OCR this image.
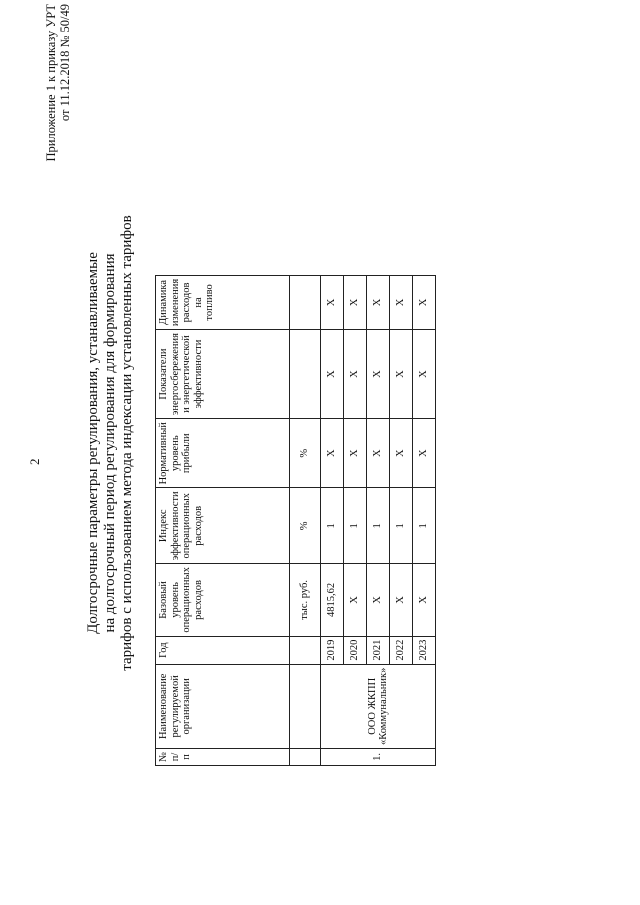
2
Приложение 1 к приказу УРТ от 11.12.2018 № 50/49
Долгосрочные параметры регулирования, устанавливаемые на долгосрочный период регулирования для формирования тарифов с использованием метода индексации установленных тарифов
№ п/п	Наименование регулируемой организации	Год	Базовый уровень операционных расходов	Индекс эффективности операционных расходов	Нормативный уровень прибыли	Показатели энергосбережения и энергетической эффективности	Динамика изменения расходов на топливо
			тыс. руб.	%	%		
1.	ООО ЖКПП «Коммунальник»	2019	4815,62	1	Х	Х	Х
		2020	Х	1	Х	Х	Х
		2021	Х	1	Х	Х	Х
		2022	Х	1	Х	Х	Х
		2023	Х	1	Х	Х	Х
